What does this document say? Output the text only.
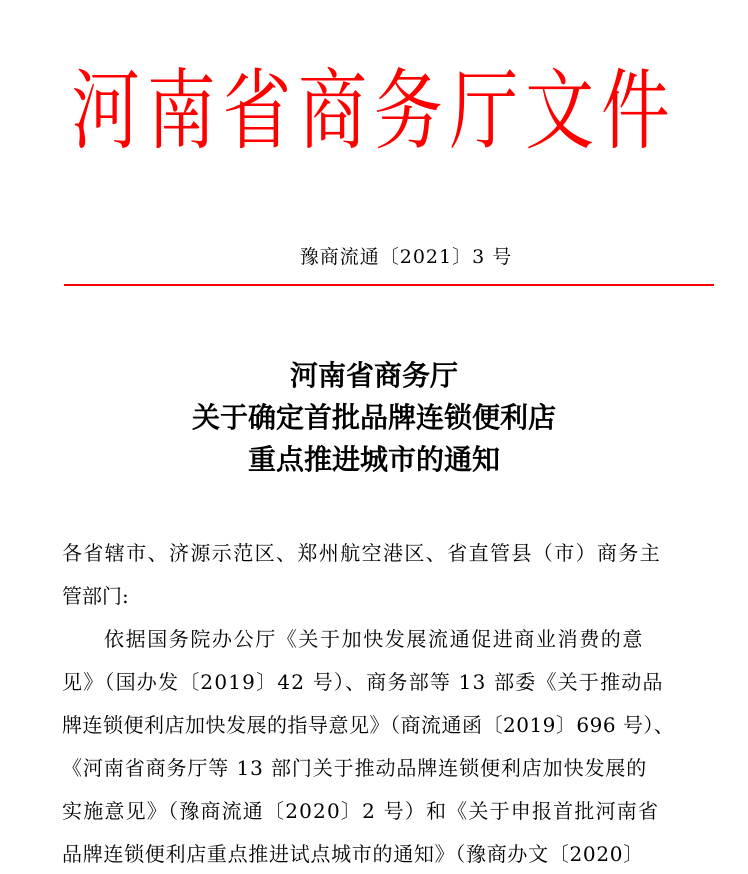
河南省商务厅文件
豫商流通〔2021〕3 号
河南省商务厅
关于确定首批品牌连锁便利店
重点推进城市的通知
各省辖市、济源示范区、郑州航空港区、省直管县（市）商务主
管部门:
依据国务院办公厅《关于加快发展流通促进商业消费的意
见》（国办发〔2019〕42 号）、商务部等 13 部委《关于推动品
牌连锁便利店加快发展的指导意见》（商流通函〔2019〕696 号）、
《河南省商务厅等 13 部门关于推动品牌连锁便利店加快发展的
实施意见》（豫商流通〔2020〕2 号）和《关于申报首批河南省
品牌连锁便利店重点推进试点城市的通知》（豫商办文〔2020〕
